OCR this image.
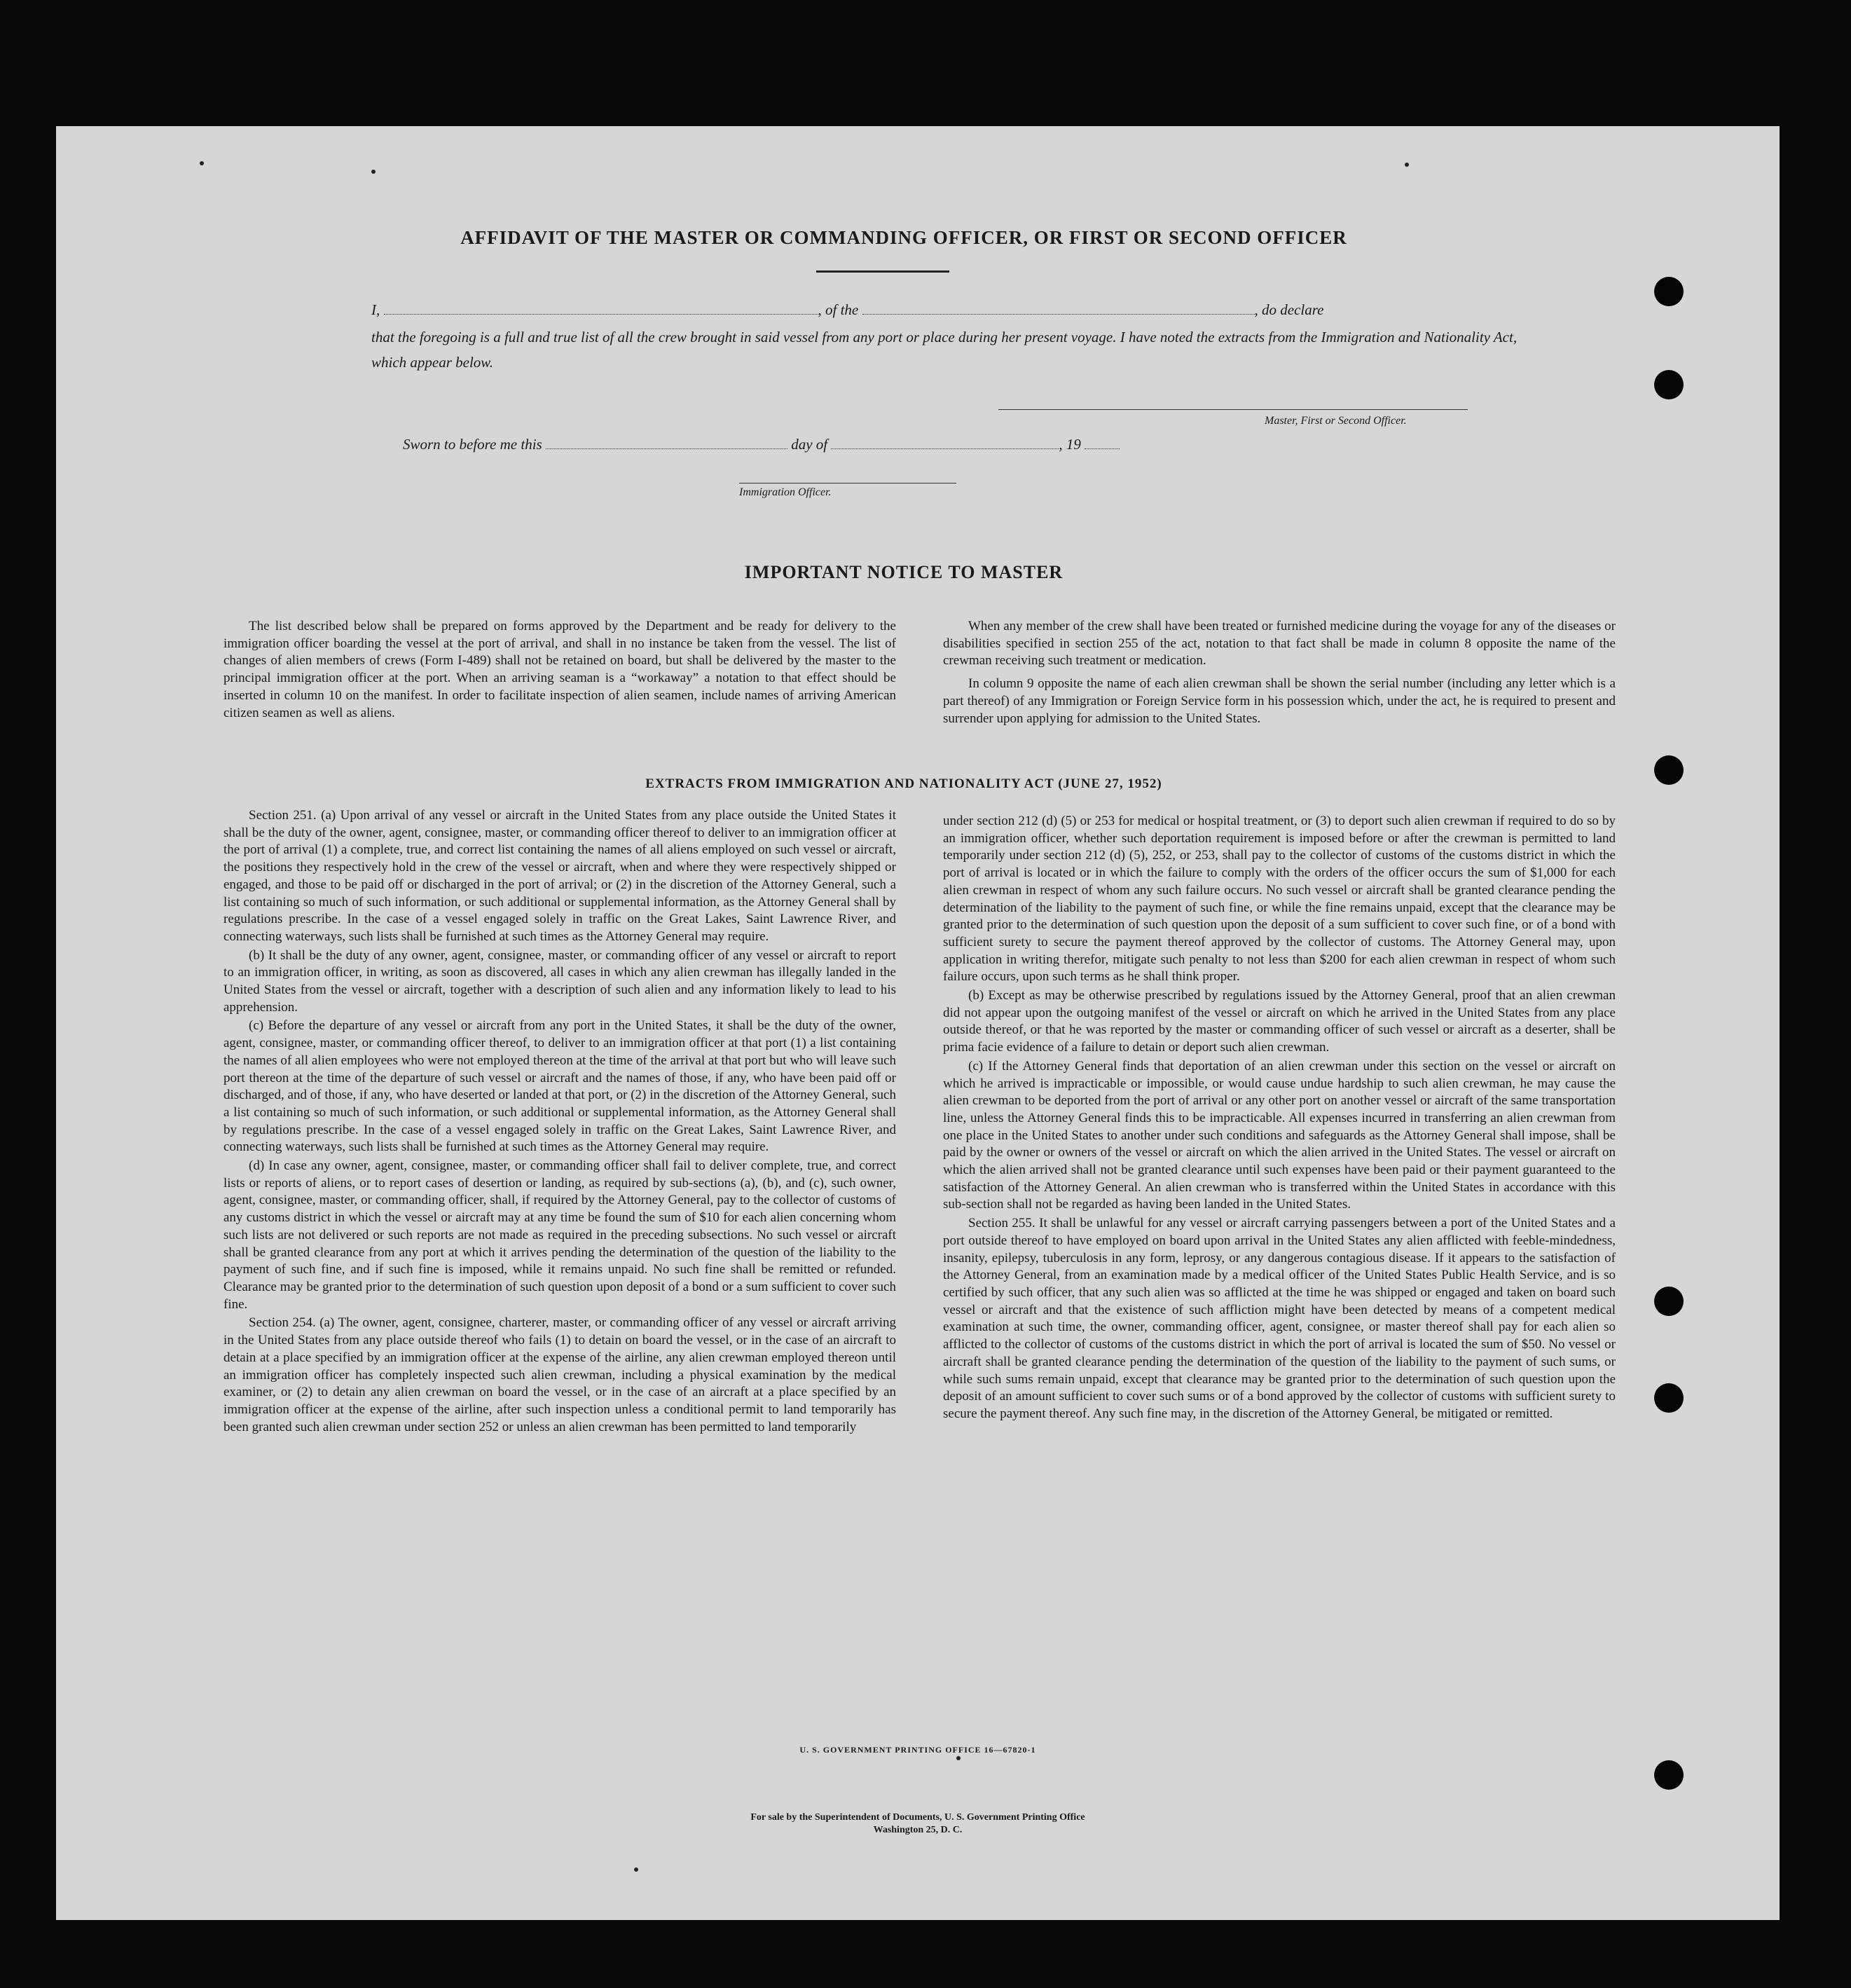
AFFIDAVIT OF THE MASTER OR COMMANDING OFFICER, OR FIRST OR SECOND OFFICER
I,	, of the	, do declare
that the foregoing is a full and true list of all the crew brought in said vessel from any port or place during her present voyage. I have noted the extracts from the Immigration and Nationality Act, which appear below.
Master, First or Second Officer.
Sworn to before me this	day of	, 19
Immigration Officer.
IMPORTANT NOTICE TO MASTER

The list described below shall be prepared on forms approved by the Department and be ready for delivery to the immigration officer boarding the vessel at the port of arrival, and shall in no instance be taken from the vessel. The list of changes of alien members of crews (Form I-489) shall not be retained on board, but shall be delivered by the master to the principal immigration officer at the port. When an arriving seaman is a “workaway” a notation to that effect should be inserted in column 10 on the manifest. In order to facilitate inspection of alien seamen, include names of arriving American citizen seamen as well as aliens.

When any member of the crew shall have been treated or furnished medicine during the voyage for any of the diseases or disabilities specified in section 255 of the act, notation to that fact shall be made in column 8 opposite the name of the crewman receiving such treatment or medication.

In column 9 opposite the name of each alien crewman shall be shown the serial number (including any letter which is a part thereof) of any Immigration or Foreign Service form in his possession which, under the act, he is required to present and surrender upon applying for admission to the United States.

EXTRACTS FROM IMMIGRATION AND NATIONALITY ACT (JUNE 27, 1952)

Section 251. (a) Upon arrival of any vessel or aircraft in the United States from any place outside the United States it shall be the duty of the owner, agent, consignee, master, or commanding officer thereof to deliver to an immigration officer at the port of arrival (1) a complete, true, and correct list containing the names of all aliens employed on such vessel or aircraft, the positions they respectively hold in the crew of the vessel or aircraft, when and where they were respectively shipped or engaged, and those to be paid off or discharged in the port of arrival; or (2) in the discretion of the Attorney General, such a list containing so much of such information, or such additional or supplemental information, as the Attorney General shall by regulations prescribe. In the case of a vessel engaged solely in traffic on the Great Lakes, Saint Lawrence River, and connecting waterways, such lists shall be furnished at such times as the Attorney General may require.

(b) It shall be the duty of any owner, agent, consignee, master, or commanding officer of any vessel or aircraft to report to an immigration officer, in writing, as soon as discovered, all cases in which any alien crewman has illegally landed in the United States from the vessel or aircraft, together with a description of such alien and any information likely to lead to his apprehension.

(c) Before the departure of any vessel or aircraft from any port in the United States, it shall be the duty of the owner, agent, consignee, master, or commanding officer thereof, to deliver to an immigration officer at that port (1) a list containing the names of all alien employees who were not employed thereon at the time of the arrival at that port but who will leave such port thereon at the time of the departure of such vessel or aircraft and the names of those, if any, who have been paid off or discharged, and of those, if any, who have deserted or landed at that port, or (2) in the discretion of the Attorney General, such a list containing so much of such information, or such additional or supplemental information, as the Attorney General shall by regulations prescribe. In the case of a vessel engaged solely in traffic on the Great Lakes, Saint Lawrence River, and connecting waterways, such lists shall be furnished at such times as the Attorney General may require.

(d) In case any owner, agent, consignee, master, or commanding officer shall fail to deliver complete, true, and correct lists or reports of aliens, or to report cases of desertion or landing, as required by sub-sections (a), (b), and (c), such owner, agent, consignee, master, or commanding officer, shall, if required by the Attorney General, pay to the collector of customs of any customs district in which the vessel or aircraft may at any time be found the sum of $10 for each alien concerning whom such lists are not delivered or such reports are not made as required in the preceding subsections. No such vessel or aircraft shall be granted clearance from any port at which it arrives pending the determination of the question of the liability to the payment of such fine, and if such fine is imposed, while it remains unpaid. No such fine shall be remitted or refunded. Clearance may be granted prior to the determination of such question upon deposit of a bond or a sum sufficient to cover such fine.

Section 254. (a) The owner, agent, consignee, charterer, master, or commanding officer of any vessel or aircraft arriving in the United States from any place outside thereof who fails (1) to detain on board the vessel, or in the case of an aircraft to detain at a place specified by an immigration officer at the expense of the airline, any alien crewman employed thereon until an immigration officer has completely inspected such alien crewman, including a physical examination by the medical examiner, or (2) to detain any alien crewman on board the vessel, or in the case of an aircraft at a place specified by an immigration officer at the expense of the airline, after such inspection unless a conditional permit to land temporarily has been granted such alien crewman under section 252 or unless an alien crewman has been permitted to land temporarily

under section 212 (d) (5) or 253 for medical or hospital treatment, or (3) to deport such alien crewman if required to do so by an immigration officer, whether such deportation requirement is imposed before or after the crewman is permitted to land temporarily under section 212 (d) (5), 252, or 253, shall pay to the collector of customs of the customs district in which the port of arrival is located or in which the failure to comply with the orders of the officer occurs the sum of $1,000 for each alien crewman in respect of whom any such failure occurs. No such vessel or aircraft shall be granted clearance pending the determination of the liability to the payment of such fine, or while the fine remains unpaid, except that the clearance may be granted prior to the determination of such question upon the deposit of a sum sufficient to cover such fine, or of a bond with sufficient surety to secure the payment thereof approved by the collector of customs. The Attorney General may, upon application in writing therefor, mitigate such penalty to not less than $200 for each alien crewman in respect of whom such failure occurs, upon such terms as he shall think proper.

(b) Except as may be otherwise prescribed by regulations issued by the Attorney General, proof that an alien crewman did not appear upon the outgoing manifest of the vessel or aircraft on which he arrived in the United States from any place outside thereof, or that he was reported by the master or commanding officer of such vessel or aircraft as a deserter, shall be prima facie evidence of a failure to detain or deport such alien crewman.

(c) If the Attorney General finds that deportation of an alien crewman under this section on the vessel or aircraft on which he arrived is impracticable or impossible, or would cause undue hardship to such alien crewman, he may cause the alien crewman to be deported from the port of arrival or any other port on another vessel or aircraft of the same transportation line, unless the Attorney General finds this to be impracticable. All expenses incurred in transferring an alien crewman from one place in the United States to another under such conditions and safeguards as the Attorney General shall impose, shall be paid by the owner or owners of the vessel or aircraft on which the alien arrived in the United States. The vessel or aircraft on which the alien arrived shall not be granted clearance until such expenses have been paid or their payment guaranteed to the satisfaction of the Attorney General. An alien crewman who is transferred within the United States in accordance with this sub-section shall not be regarded as having been landed in the United States.

Section 255. It shall be unlawful for any vessel or aircraft carrying passengers between a port of the United States and a port outside thereof to have employed on board upon arrival in the United States any alien afflicted with feeble-mindedness, insanity, epilepsy, tuberculosis in any form, leprosy, or any dangerous contagious disease. If it appears to the satisfaction of the Attorney General, from an examination made by a medical officer of the United States Public Health Service, and is so certified by such officer, that any such alien was so afflicted at the time he was shipped or engaged and taken on board such vessel or aircraft and that the existence of such affliction might have been detected by means of a competent medical examination at such time, the owner, commanding officer, agent, consignee, or master thereof shall pay for each alien so afflicted to the collector of customs of the customs district in which the port of arrival is located the sum of $50. No vessel or aircraft shall be granted clearance pending the determination of the question of the liability to the payment of such sums, or while such sums remain unpaid, except that clearance may be granted prior to the determination of such question upon the deposit of an amount sufficient to cover such sums or of a bond approved by the collector of customs with sufficient surety to secure the payment thereof. Any such fine may, in the discretion of the Attorney General, be mitigated or remitted.

U. S. GOVERNMENT PRINTING OFFICE 16—67820-1
For sale by the Superintendent of Documents, U. S. Government Printing Office
Washington 25, D. C.
